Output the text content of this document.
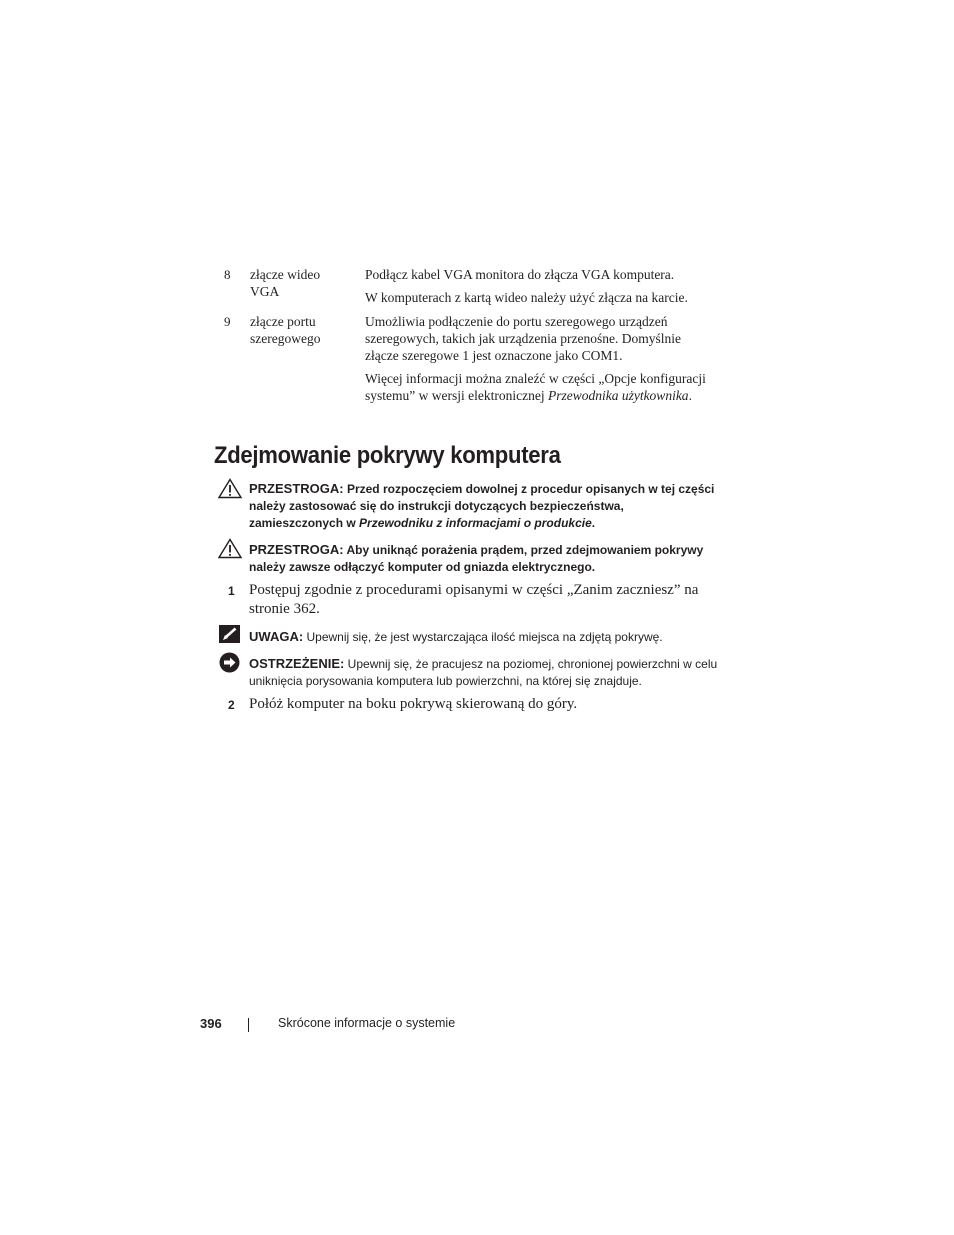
8 złącze wideo VGA

Podłącz kabel VGA monitora do złącza VGA komputera.

W komputerach z kartą wideo należy użyć złącza na karcie.

9 złącze portu szeregowego

Umożliwia podłączenie do portu szeregowego urządzeń szeregowych, takich jak urządzenia przenośne. Domyślnie złącze szeregowe 1 jest oznaczone jako COM1.

Więcej informacji można znaleźć w części „Opcje konfiguracji systemu” w wersji elektronicznej Przewodnika użytkownika.

Zdejmowanie pokrywy komputera
PRZESTROGA: Przed rozpoczęciem dowolnej z procedur opisanych w tej części należy zastosować się do instrukcji dotyczących bezpieczeństwa, zamieszczonych w Przewodniku z informacjami o produkcie.
PRZESTROGA: Aby uniknąć porażenia prądem, przed zdejmowaniem pokrywy należy zawsze odłączyć komputer od gniazda elektrycznego.
1 Postępuj zgodnie z procedurami opisanymi w części „Zanim zaczniesz” na stronie 362.
UWAGA: Upewnij się, że jest wystarczająca ilość miejsca na zdjętą pokrywę.
OSTRZEŻENIE: Upewnij się, że pracujesz na poziomej, chronionej powierzchni w celu uniknięcia porysowania komputera lub powierzchni, na której się znajduje.
2 Połóż komputer na boku pokrywą skierowaną do góry.
396	Skrócone informacje o systemie
